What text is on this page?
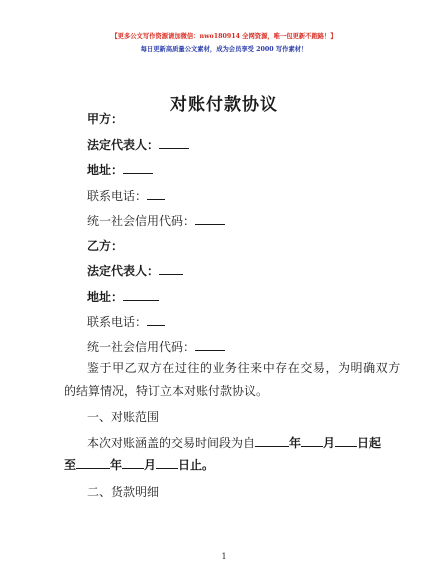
【更多公文写作资源请加微信：nwo180914 全网资源，唯一包更新不跑路！】
每日更新高质量公文素材，成为会员享受 2000 写作素材！
对账付款协议
甲方：
法定代表人：
地址：
联系电话：
统一社会信用代码：
乙方：
法定代表人：
地址：
联系电话：
统一社会信用代码：
鉴于甲乙双方在过往的业务往来中存在交易，为明确双方
的结算情况，特订立本对账付款协议。
一、对账范围
本次对账涵盖的交易时间段为自	年 月 日起
至	年 月 日止。
二、货款明细
1
